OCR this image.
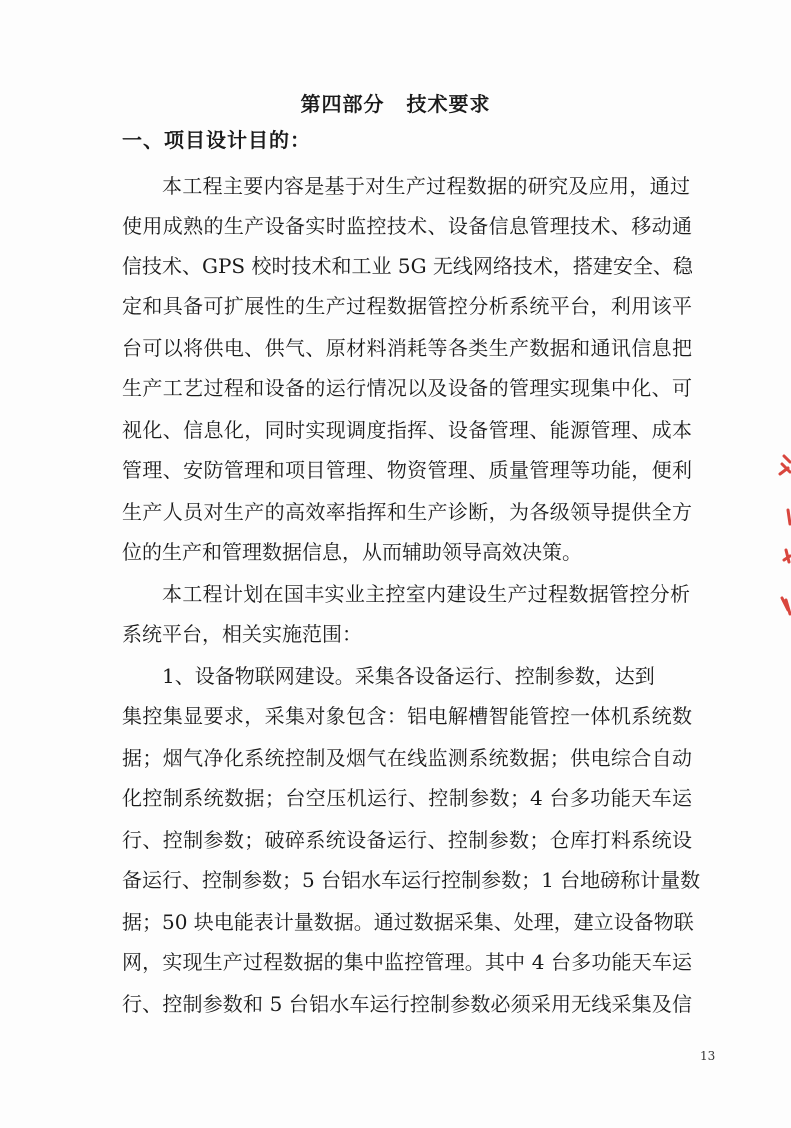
第四部分 技术要求
一、项目设计目的：
本工程主要内容是基于对生产过程数据的研究及应用，通过
使用成熟的生产设备实时监控技术、设备信息管理技术、移动通
信技术、GPS 校时技术和工业 5G 无线网络技术，搭建安全、稳
定和具备可扩展性的生产过程数据管控分析系统平台，利用该平
台可以将供电、供气、原材料消耗等各类生产数据和通讯信息把
生产工艺过程和设备的运行情况以及设备的管理实现集中化、可
视化、信息化，同时实现调度指挥、设备管理、能源管理、成本
管理、安防管理和项目管理、物资管理、质量管理等功能，便利
生产人员对生产的高效率指挥和生产诊断，为各级领导提供全方
位的生产和管理数据信息，从而辅助领导高效决策。
本工程计划在国丰实业主控室内建设生产过程数据管控分析
系统平台，相关实施范围：
1、设备物联网建设。采集各设备运行、控制参数，达到
集控集显要求，采集对象包含：铝电解槽智能管控一体机系统数
据；烟气净化系统控制及烟气在线监测系统数据；供电综合自动
化控制系统数据；台空压机运行、控制参数；4 台多功能天车运
行、控制参数；破碎系统设备运行、控制参数；仓库打料系统设
备运行、控制参数；5 台铝水车运行控制参数；1 台地磅称计量数
据；50 块电能表计量数据。通过数据采集、处理，建立设备物联
网，实现生产过程数据的集中监控管理。其中 4 台多功能天车运
行、控制参数和 5 台铝水车运行控制参数必须采用无线采集及信
13
